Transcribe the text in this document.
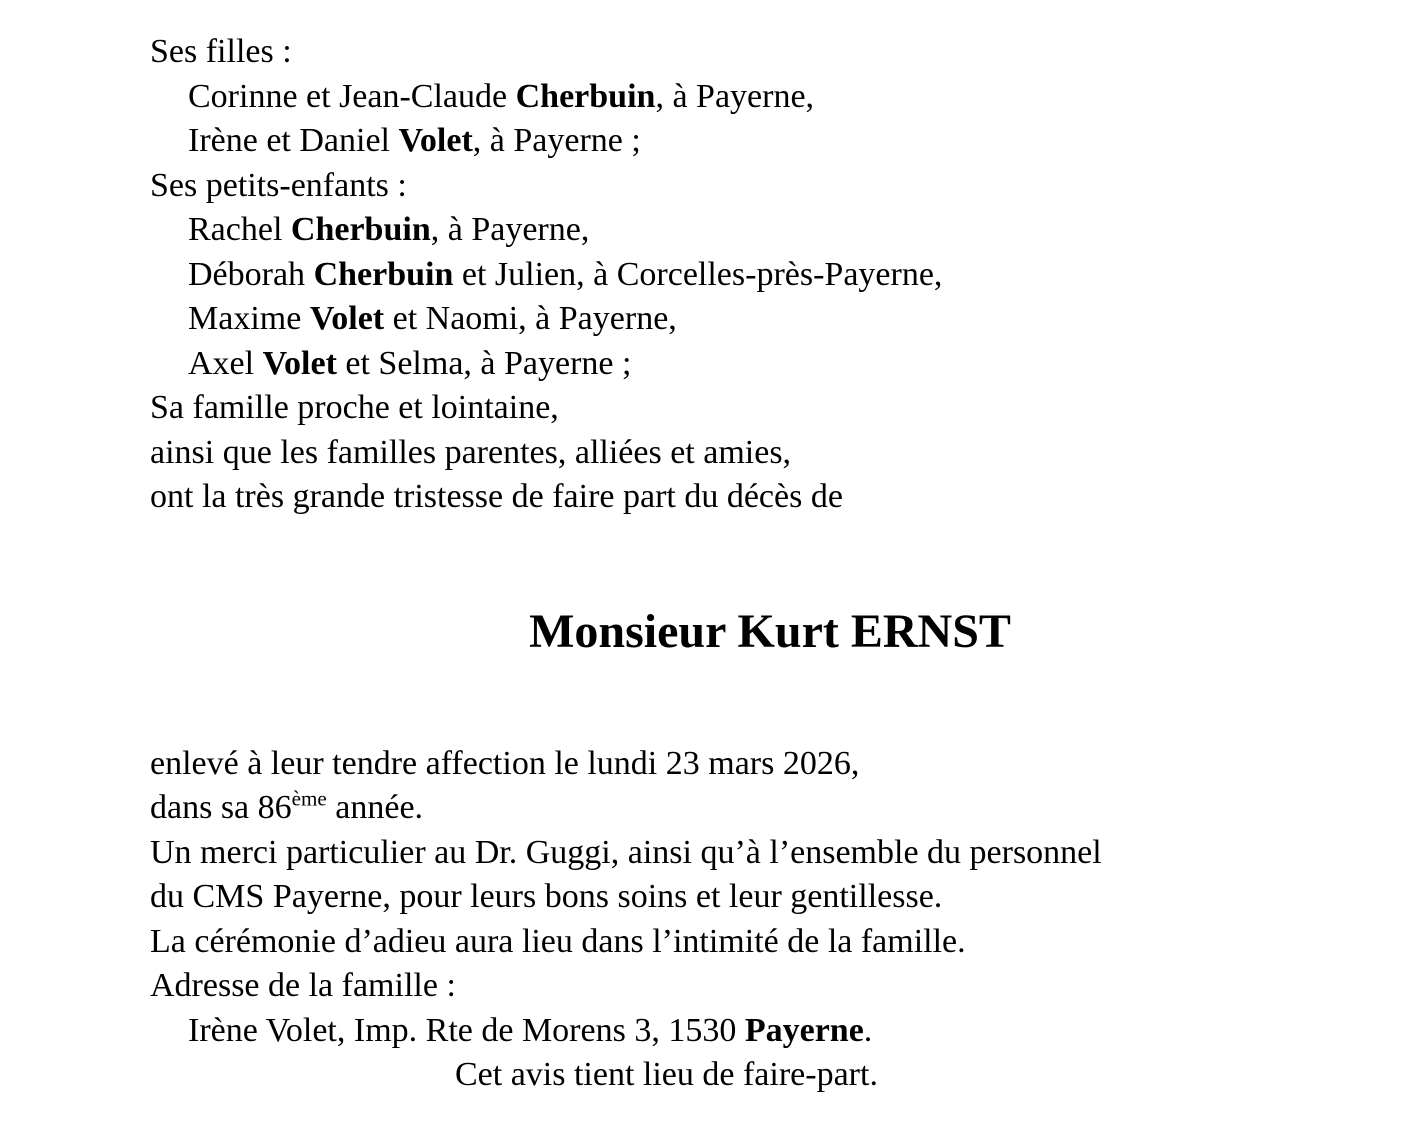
Ses filles :
Corinne et Jean-Claude Cherbuin, à Payerne,
Irène et Daniel Volet, à Payerne ;
Ses petits-enfants :
Rachel Cherbuin, à Payerne,
Déborah Cherbuin et Julien, à Corcelles-près-Payerne,
Maxime Volet et Naomi, à Payerne,
Axel Volet et Selma, à Payerne ;
Sa famille proche et lointaine,
ainsi que les familles parentes, alliées et amies,
ont la très grande tristesse de faire part du décès de
Monsieur Kurt ERNST
enlevé à leur tendre affection le lundi 23 mars 2026,
dans sa 86ème année.
Un merci particulier au Dr. Guggi, ainsi qu’à l’ensemble du personnel
du CMS Payerne, pour leurs bons soins et leur gentillesse.
La cérémonie d’adieu aura lieu dans l’intimité de la famille.
Adresse de la famille :
Irène Volet, Imp. Rte de Morens 3, 1530 Payerne.
Cet avis tient lieu de faire-part.
